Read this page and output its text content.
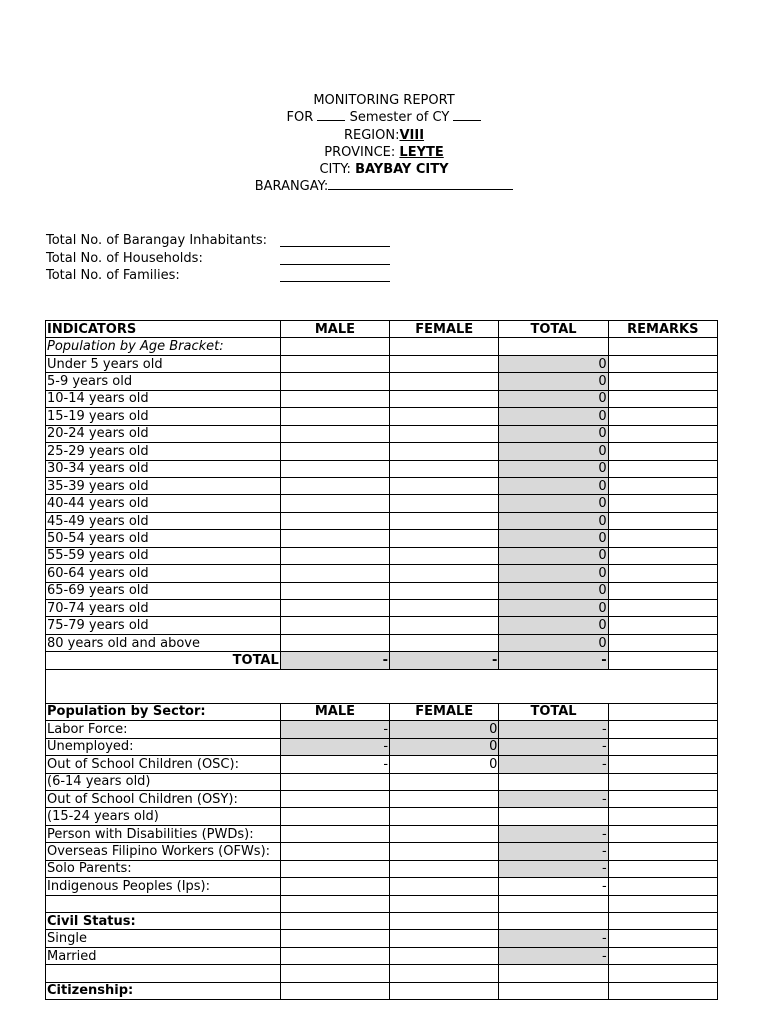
MONITORING REPORT
FOR	Semester of CY
REGION:VIII
PROVINCE: LEYTE
CITY: BAYBAY CITY
BARANGAY:
Total No. of Barangay Inhabitants:
Total No. of Households:
Total No. of Families:
INDICATORS	MALE	FEMALE	TOTAL	REMARKS
Population by Age Bracket:				
Under 5 years old			0	
5-9 years old			0	
10-14 years old			0	
15-19 years old			0	
20-24 years old			0	
25-29 years old			0	
30-34 years old			0	
35-39 years old			0	
40-44 years old			0	
45-49 years old			0	
50-54 years old			0	
55-59 years old			0	
60-64 years old			0	
65-69 years old			0	
70-74 years old			0	
75-79 years old			0	
80 years old and above			0	
TOTAL	-	-	-	

Population by Sector:	MALE	FEMALE	TOTAL	
Labor Force:	-	0	-	
Unemployed:	-	0	-	
Out of School Children (OSC):	-	0	-	
(6-14 years old)				
Out of School Children (OSY):			-	
(15-24 years old)				
Person with Disabilities (PWDs):			-	
Overseas Filipino Workers (OFWs):			-	
Solo Parents:			-	
Indigenous Peoples (Ips):			-	

Civil Status:				
Single			-	
Married			-	

Citizenship:				
